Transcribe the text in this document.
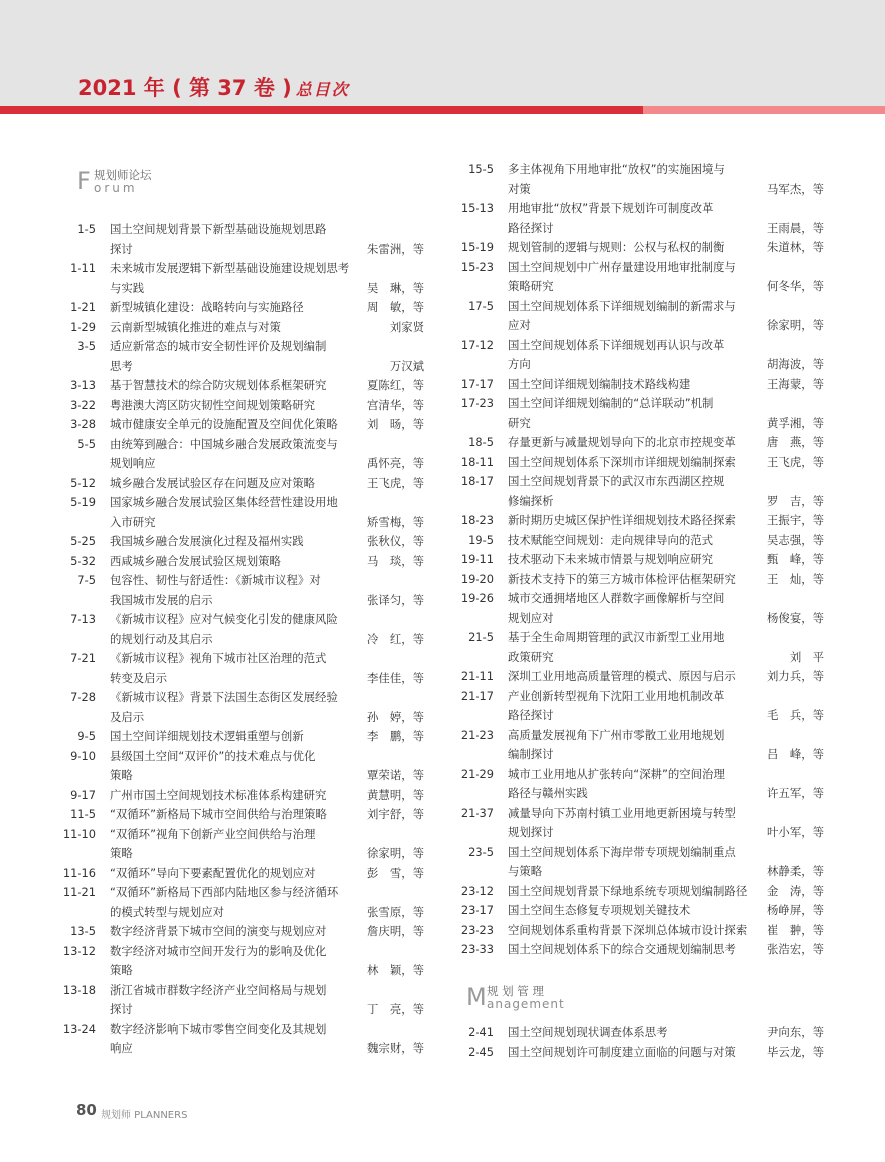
2021 年 ( 第 37 卷 ) 总目次
F 规划师论坛
orum
M 规 划 管 理
anagement
1-5 国土空间规划背景下新型基础设施规划思路
探讨	朱雷洲，等
1-11 未来城市发展逻辑下新型基础设施建设规划思考
与实践	吴　琳，等
1-21 新型城镇化建设：战略转向与实施路径	周　敏，等
1-29 云南新型城镇化推进的难点与对策	刘家贤
3-5 适应新常态的城市安全韧性评价及规划编制
思考	万汉斌
3-13 基于智慧技术的综合防灾规划体系框架研究	夏陈红，等
3-22 粤港澳大湾区防灾韧性空间规划策略研究	宫清华，等
3-28 城市健康安全单元的设施配置及空间优化策略	刘　旸，等
5-5 由统筹到融合：中国城乡融合发展政策流变与
规划响应	禹怀亮，等
5-12 城乡融合发展试验区存在问题及应对策略	王飞虎，等
5-19 国家城乡融合发展试验区集体经营性建设用地
入市研究	矫雪梅，等
5-25 我国城乡融合发展演化过程及福州实践	张秋仪，等
5-32 西咸城乡融合发展试验区规划策略	马　琰，等
7-5 包容性、韧性与舒适性：《新城市议程》对
我国城市发展的启示	张译匀，等
7-13 《新城市议程》应对气候变化引发的健康风险
的规划行动及其启示	冷　红，等
7-21 《新城市议程》视角下城市社区治理的范式
转变及启示	李佳佳，等
7-28 《新城市议程》背景下法国生态街区发展经验
及启示	孙　婷，等
9-5 国土空间详细规划技术逻辑重塑与创新	李　鹏，等
9-10 县级国土空间“双评价”的技术难点与优化
策略	覃荣诺，等
9-17 广州市国土空间规划技术标准体系构建研究	黄慧明，等
11-5 “双循环”新格局下城市空间供给与治理策略	刘宇舒，等
11-10 “双循环”视角下创新产业空间供给与治理
策略	徐家明，等
11-16 “双循环”导向下要素配置优化的规划应对	彭　雪，等
11-21 “双循环”新格局下西部内陆地区参与经济循环
的模式转型与规划应对	张雪原，等
13-5 数字经济背景下城市空间的演变与规划应对	詹庆明，等
13-12 数字经济对城市空间开发行为的影响及优化
策略	林　颖，等
13-18 浙江省城市群数字经济产业空间格局与规划
探讨	丁　亮，等
13-24 数字经济影响下城市零售空间变化及其规划
响应	魏宗财，等
15-5 多主体视角下用地审批“放权”的实施困境与
对策	马军杰，等
15-13 用地审批“放权”背景下规划许可制度改革
路径探讨	王雨晨，等
15-19 规划管制的逻辑与规则：公权与私权的制衡	朱道林，等
15-23 国土空间规划中广州存量建设用地审批制度与
策略研究	何冬华，等
17-5 国土空间规划体系下详细规划编制的新需求与
应对	徐家明，等
17-12 国土空间规划体系下详细规划再认识与改革
方向	胡海波，等
17-17 国土空间详细规划编制技术路线构建	王海蒙，等
17-23 国土空间详细规划编制的“总详联动”机制
研究	黄孚湘，等
18-5 存量更新与减量规划导向下的北京市控规变革	唐　燕，等
18-11 国土空间规划体系下深圳市详细规划编制探索	王飞虎，等
18-17 国土空间规划背景下的武汉市东西湖区控规
修编探析	罗　吉，等
18-23 新时期历史城区保护性详细规划技术路径探索	王振宇，等
19-5 技术赋能空间规划：走向规律导向的范式	吴志强，等
19-11 技术驱动下未来城市情景与规划响应研究	甄　峰，等
19-20 新技术支持下的第三方城市体检评估框架研究	王　灿，等
19-26 城市交通拥堵地区人群数字画像解析与空间
规划应对	杨俊宴，等
21-5 基于全生命周期管理的武汉市新型工业用地
政策研究	刘　平
21-11 深圳工业用地高质量管理的模式、原因与启示	刘力兵，等
21-17 产业创新转型视角下沈阳工业用地机制改革
路径探讨	毛　兵，等
21-23 高质量发展视角下广州市零散工业用地规划
编制探讨	吕　峰，等
21-29 城市工业用地从扩张转向“深耕”的空间治理
路径与赣州实践	许五军，等
21-37 减量导向下苏南村镇工业用地更新困境与转型
规划探讨	叶小军，等
23-5 国土空间规划体系下海岸带专项规划编制重点
与策略	林静柔，等
23-12 国土空间规划背景下绿地系统专项规划编制路径	金　涛，等
23-17 国土空间生态修复专项规划关键技术	杨峥屏，等
23-23 空间规划体系重构背景下深圳总体城市设计探索	崔　翀，等
23-33 国土空间规划体系下的综合交通规划编制思考	张浩宏，等
2-41 国土空间规划现状调查体系思考	尹向东，等
2-45 国土空间规划许可制度建立面临的问题与对策	毕云龙，等
80 规划师 PLANNERS
